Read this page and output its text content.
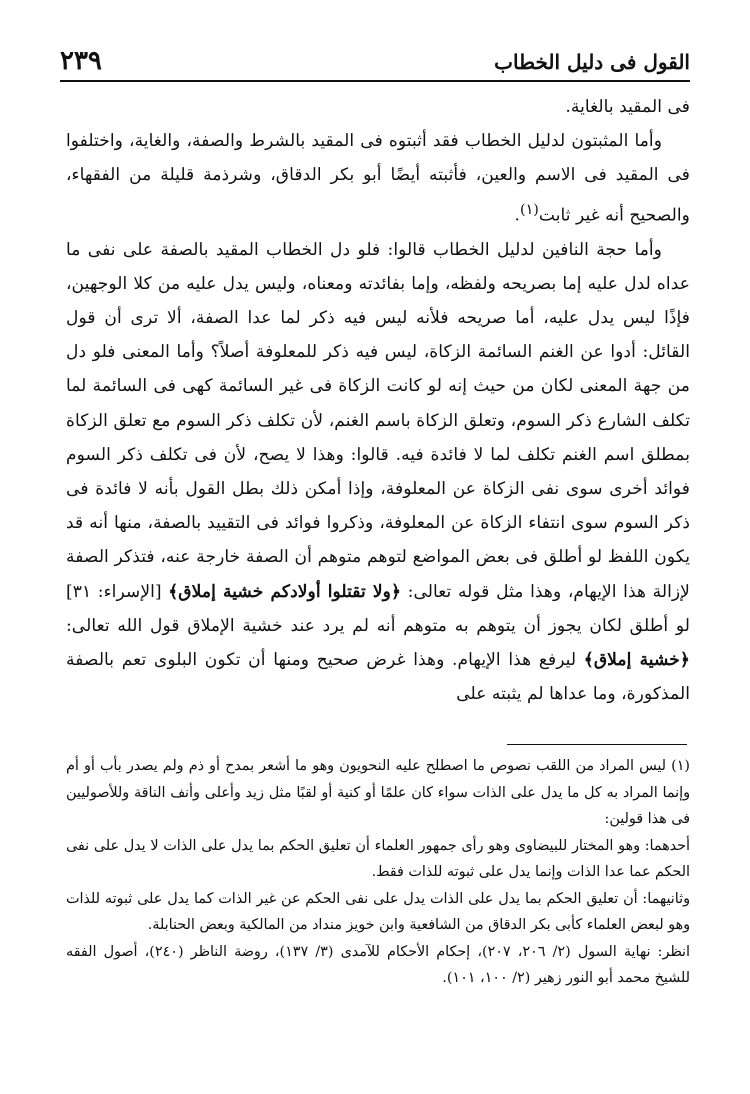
القول فى دليل الخطاب
٢٣٩

فى المقيد بالغاية.

وأما المثبتون لدليل الخطاب فقد أثبتوه فى المقيد بالشرط والصفة، والغاية، واختلفوا فى المقيد فى الاسم والعين، فأثبته أيضًا أبو بكر الدقاق، وشرذمة قليلة من الفقهاء، والصحيح أنه غير ثابت$^{(١)}$.

وأما حجة النافين لدليل الخطاب قالوا: فلو دل الخطاب المقيد بالصفة على نفى ما عداه لدل عليه إما بصريحه ولفظه، وإما بفائدته ومعناه، وليس يدل عليه من كلا الوجهين، فإذًا ليس يدل عليه، أما صريحه فلأنه ليس فيه ذكر لما عدا الصفة، ألا ترى أن قول القائل: أدوا عن الغنم السائمة الزكاة، ليس فيه ذكر للمعلوفة أصلاً؟ وأما المعنى فلو دل من جهة المعنى لكان من حيث إنه لو كانت الزكاة فى غير السائمة كهى فى السائمة لما تكلف الشارع ذكر السوم، وتعلق الزكاة باسم الغنم، لأن تكلف ذكر السوم مع تعلق الزكاة بمطلق اسم الغنم تكلف لما لا فائدة فيه. قالوا: وهذا لا يصح، لأن فى تكلف ذكر السوم فوائد أخرى سوى نفى الزكاة عن المعلوفة، وإذا أمكن ذلك بطل القول بأنه لا فائدة فى ذكر السوم سوى انتفاء الزكاة عن المعلوفة، وذكروا فوائد فى التقييد بالصفة، منها أنه قد يكون اللفظ لو أطلق فى بعض المواضع لتوهم متوهم أن الصفة خارجة عنه، فتذكر الصفة لإزالة هذا الإيهام، وهذا مثل قوله تعالى: ﴿ولا تقتلوا أولادكم خشية إملاق﴾ [الإسراء: ٣١] لو أطلق لكان يجوز أن يتوهم به متوهم أنه لم يرد عند خشية الإملاق قول الله تعالى: ﴿خشية إملاق﴾ ليرفع هذا الإيهام. وهذا غرض صحيح ومنها أن تكون البلوى تعم بالصفة المذكورة، وما عداها لم يثبته على

(١) ليس المراد من اللقب نصوص ما اصطلح عليه النحويون وهو ما أشعر بمدح أو ذم ولم يصدر بأب أو أم وإنما المراد به كل ما يدل على الذات سواء كان علمًا أو كنية أو لقبًا مثل زيد وأعلى وأنف الناقة وللأصوليين فى هذا قولين:

أحدهما: وهو المختار للبيضاوى وهو رأى جمهور العلماء أن تعليق الحكم بما يدل على الذات لا يدل على نفى الحكم عما عدا الذات وإنما يدل على ثبوته للذات فقط.

وثانيهما: أن تعليق الحكم بما يدل على الذات يدل على نفى الحكم عن غير الذات كما يدل على ثبوته للذات وهو لبعض العلماء كأبى بكر الدقاق من الشافعية وابن خويز منداد من المالكية وبعض الحنابلة.

انظر: نهاية السول (٢/ ٢٠٦، ٢٠٧)، إحكام الأحكام للآمدى (٣/ ١٣٧)، روضة الناظر (٢٤٠)، أصول الفقه للشيخ محمد أبو النور زهير (٢/ ١٠٠، ١٠١).
